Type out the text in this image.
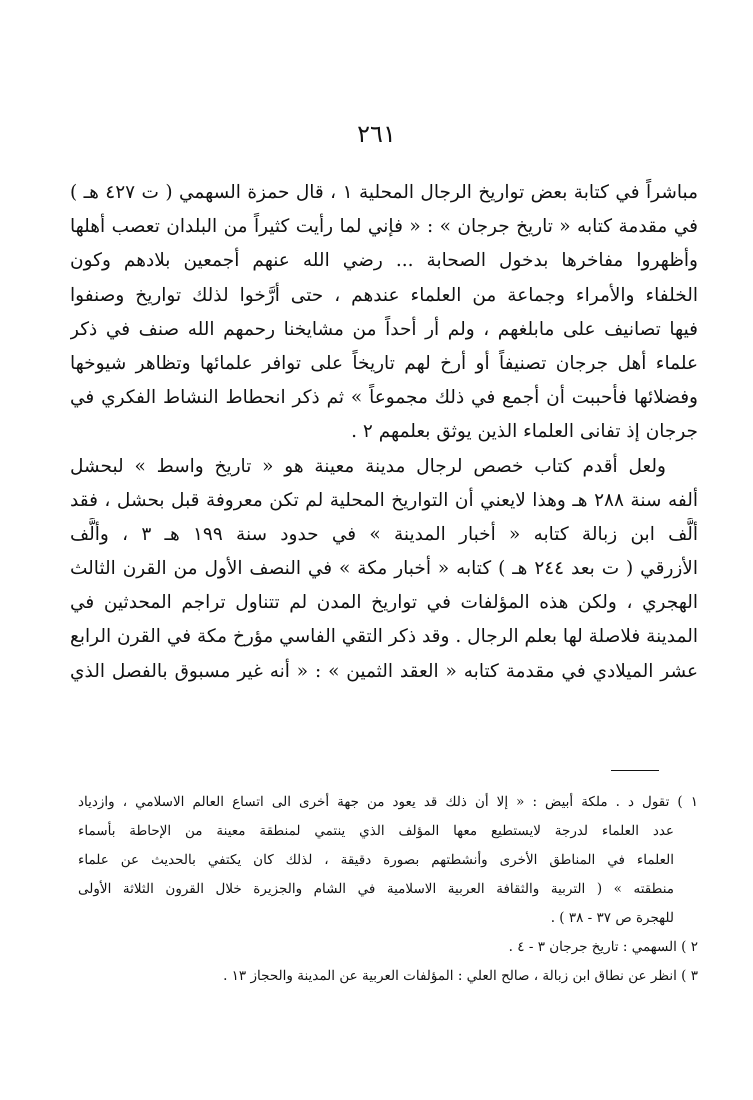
٢٦١
مباشراً في كتابة بعض تواريخ الرجال المحلية ١ ، قال حمزة السهمي ( ت ٤٢٧ هـ )
في مقدمة كتابه « تاريخ جرجان » : « فإني لما رأيت كثيراً من البلدان تعصب أهلها
وأظهروا مفاخرها بدخول الصحابة ... رضي الله عنهم أجمعين بلادهم وكون
الخلفاء والأمراء وجماعة من العلماء عندهم ، حتى أرَّخوا لذلك تواريخ وصنفوا
فيها تصانيف على مابلغهم ، ولم أر أحداً من مشايخنا رحمهم الله صنف في ذكر
علماء أهل جرجان تصنيفاً أو أرخ لهم تاريخاً على توافر علمائها وتظاهر شيوخها
وفضلائها فأحببت أن أجمع في ذلك مجموعاً » ثم ذكر انحطاط النشاط الفكري في
جرجان إذ تفانى العلماء الذين يوثق بعلمهم ٢ .
ولعل أقدم كتاب خصص لرجال مدينة معينة هو « تاريخ واسط » لبحشل
ألفه سنة ٢٨٨ هـ وهذا لايعني أن التواريخ المحلية لم تكن معروفة قبل بحشل ، فقد
ألَّف ابن زبالة كتابه « أخبار المدينة » في حدود سنة ١٩٩ هـ ٣ ، وألَّف
الأزرقي ( ت بعد ٢٤٤ هـ ) كتابه « أخبار مكة » في النصف الأول من القرن الثالث
الهجري ، ولكن هذه المؤلفات في تواريخ المدن لم تتناول تراجم المحدثين في
المدينة فلاصلة لها بعلم الرجال . وقد ذكر التقي الفاسي مؤرخ مكة في القرن الرابع
عشر الميلادي في مقدمة كتابه « العقد الثمين » : « أنه غير مسبوق بالفصل الذي
١ ) تقول د . ملكة أبيض : « إلا أن ذلك قد يعود من جهة أخرى الى اتساع العالم الاسلامي ، وازدياد
عدد العلماء لدرجة لايستطيع معها المؤلف الذي ينتمي لمنطقة معينة من الإحاطة بأسماء
العلماء في المناطق الأخرى وأنشطتهم بصورة دقيقة ، لذلك كان يكتفي بالحديث عن علماء
منطقته » ( التربية والثقافة العربية الاسلامية في الشام والجزيرة خلال القرون الثلاثة الأولى
للهجرة ص ٣٧ - ٣٨ ) .
٢ ) السهمي : تاريخ جرجان ٣ - ٤ .
٣ ) انظر عن نطاق ابن زبالة ، صالح العلي : المؤلفات العربية عن المدينة والحجاز ١٣ .
